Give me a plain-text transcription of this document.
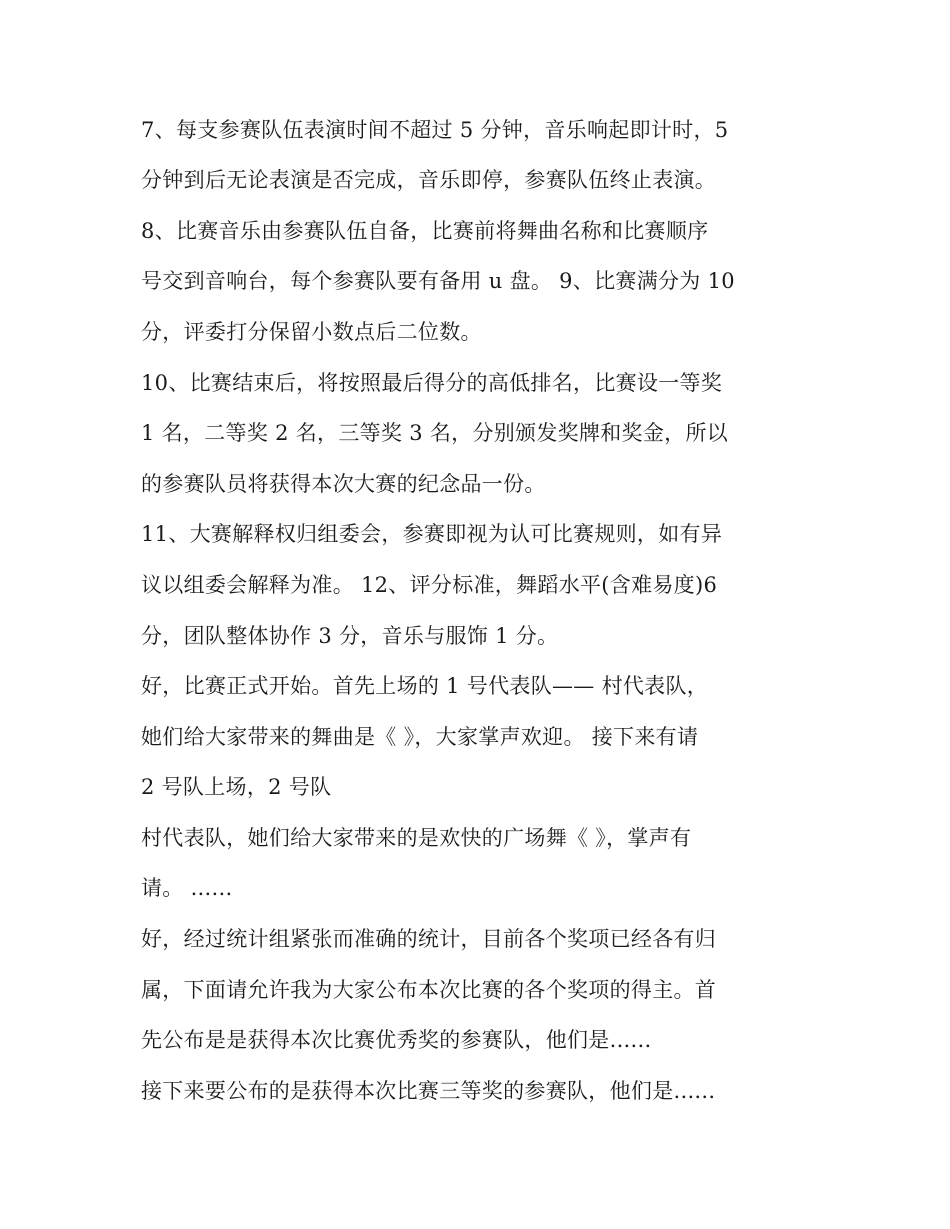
7、每支参赛队伍表演时间不超过 5 分钟，音乐响起即计时，5
分钟到后无论表演是否完成，音乐即停，参赛队伍终止表演。
8、比赛音乐由参赛队伍自备，比赛前将舞曲名称和比赛顺序
号交到音响台，每个参赛队要有备用 u 盘。 9、比赛满分为 10
分，评委打分保留小数点后二位数。
10、比赛结束后，将按照最后得分的高低排名，比赛设一等奖
1 名，二等奖 2 名，三等奖 3 名，分别颁发奖牌和奖金，所以
的参赛队员将获得本次大赛的纪念品一份。
11、大赛解释权归组委会，参赛即视为认可比赛规则，如有异
议以组委会解释为准。 12、评分标准，舞蹈水平(含难易度)6
分，团队整体协作 3 分，音乐与服饰 1 分。
好，比赛正式开始。首先上场的 1 号代表队—— 村代表队，
她们给大家带来的舞曲是《 》，大家掌声欢迎。 接下来有请
2 号队上场，2 号队
村代表队，她们给大家带来的是欢快的广场舞《 》，掌声有
请。 ......
好，经过统计组紧张而准确的统计，目前各个奖项已经各有归
属，下面请允许我为大家公布本次比赛的各个奖项的得主。首
先公布是是获得本次比赛优秀奖的参赛队，他们是......
接下来要公布的是获得本次比赛三等奖的参赛队，他们是......
